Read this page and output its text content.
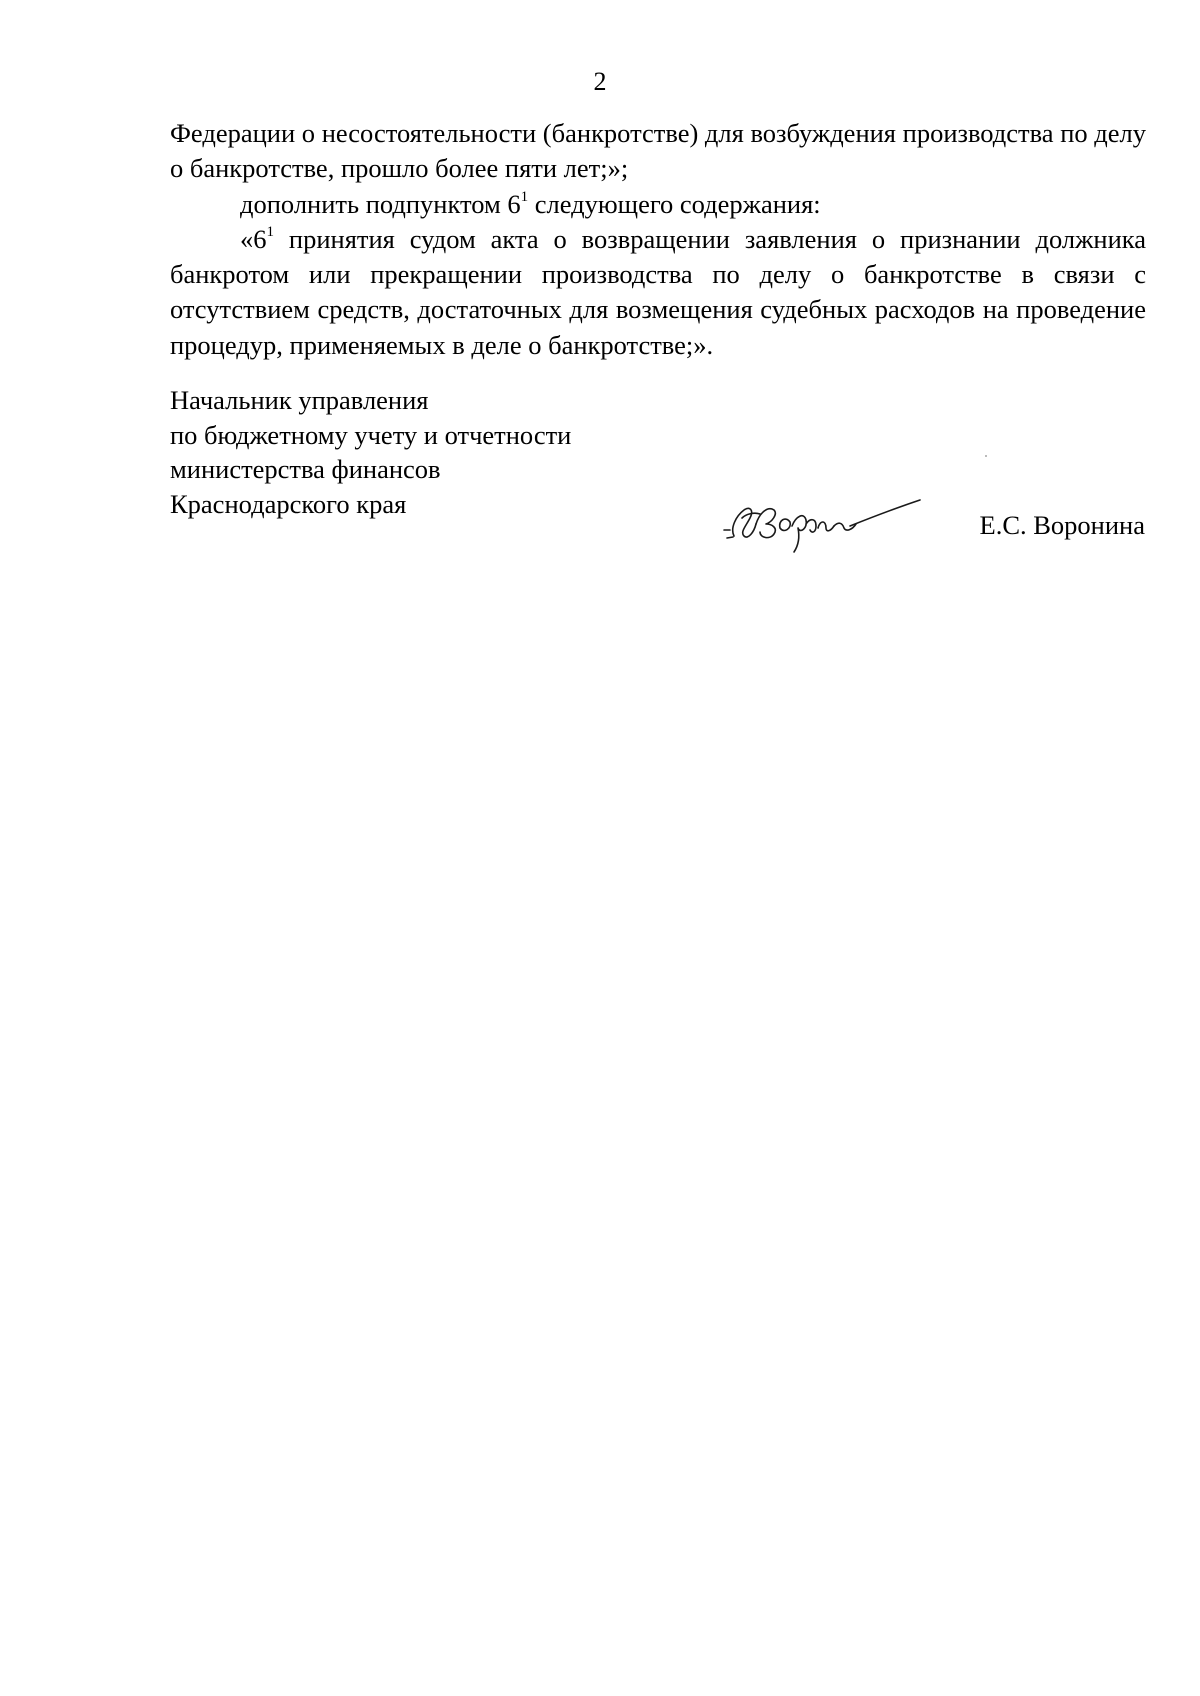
2

Федерации о несостоятельности (банкротстве) для возбуждения производства по делу о банкротстве, прошло более пяти лет;»;

дополнить подпунктом $6^1$ следующего содержания:

«$6^1$ принятия судом акта о возвращении заявления о признании должника банкротом или прекращении производства по делу о банкротстве в связи с отсутствием средств, достаточных для возмещения судебных расходов на проведение процедур, применяемых в деле о банкротстве;».

Начальник управления
по бюджетному учету и отчетности
министерства финансов
Краснодарского края
Е.С. Воронина
